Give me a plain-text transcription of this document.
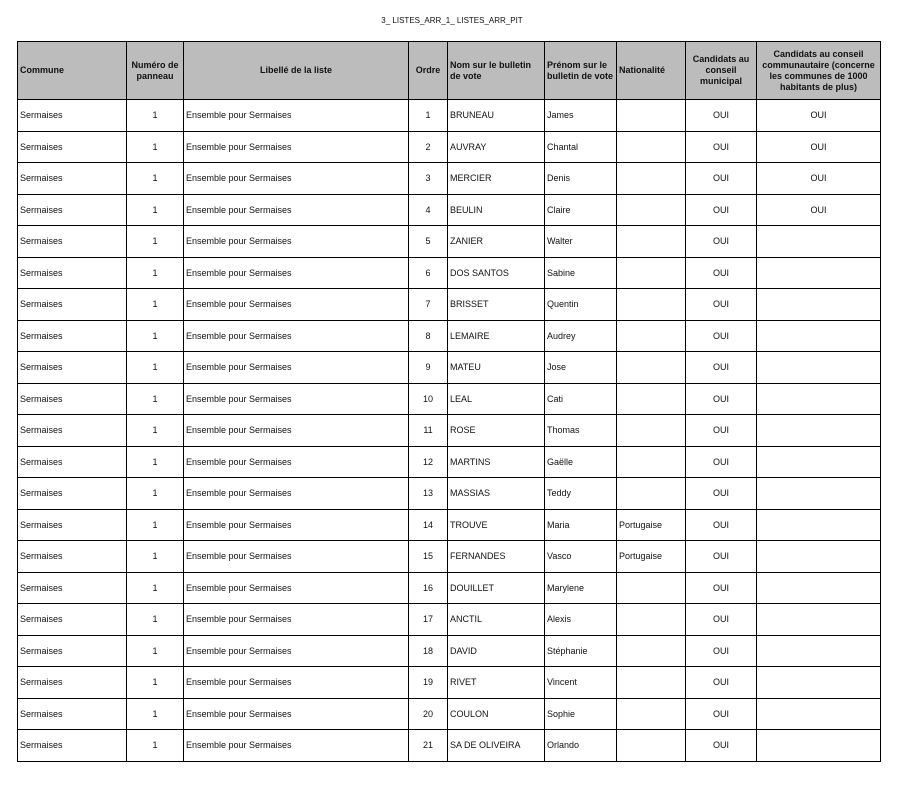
3_ LISTES_ARR_1_ LISTES_ARR_PIT
Commune	Numéro de panneau	Libellé de la liste	Ordre	Nom sur le bulletin de vote	Prénom sur le bulletin de vote	Nationalité	Candidats au conseil municipal	Candidats au conseil communautaire (concerne les communes de 1000 habitants de plus)
Sermaises	1	Ensemble pour Sermaises	1	BRUNEAU	James		OUI	OUI
Sermaises	1	Ensemble pour Sermaises	2	AUVRAY	Chantal		OUI	OUI
Sermaises	1	Ensemble pour Sermaises	3	MERCIER	Denis		OUI	OUI
Sermaises	1	Ensemble pour Sermaises	4	BEULIN	Claire		OUI	OUI
Sermaises	1	Ensemble pour Sermaises	5	ZANIER	Walter		OUI	
Sermaises	1	Ensemble pour Sermaises	6	DOS SANTOS	Sabine		OUI	
Sermaises	1	Ensemble pour Sermaises	7	BRISSET	Quentin		OUI	
Sermaises	1	Ensemble pour Sermaises	8	LEMAIRE	Audrey		OUI	
Sermaises	1	Ensemble pour Sermaises	9	MATEU	Jose		OUI	
Sermaises	1	Ensemble pour Sermaises	10	LEAL	Cati		OUI	
Sermaises	1	Ensemble pour Sermaises	11	ROSE	Thomas		OUI	
Sermaises	1	Ensemble pour Sermaises	12	MARTINS	Gaëlle		OUI	
Sermaises	1	Ensemble pour Sermaises	13	MASSIAS	Teddy		OUI	
Sermaises	1	Ensemble pour Sermaises	14	TROUVE	Maria	Portugaise	OUI	
Sermaises	1	Ensemble pour Sermaises	15	FERNANDES	Vasco	Portugaise	OUI	
Sermaises	1	Ensemble pour Sermaises	16	DOUILLET	Marylene		OUI	
Sermaises	1	Ensemble pour Sermaises	17	ANCTIL	Alexis		OUI	
Sermaises	1	Ensemble pour Sermaises	18	DAVID	Stéphanie		OUI	
Sermaises	1	Ensemble pour Sermaises	19	RIVET	Vincent		OUI	
Sermaises	1	Ensemble pour Sermaises	20	COULON	Sophie		OUI	
Sermaises	1	Ensemble pour Sermaises	21	SA DE OLIVEIRA	Orlando		OUI	
